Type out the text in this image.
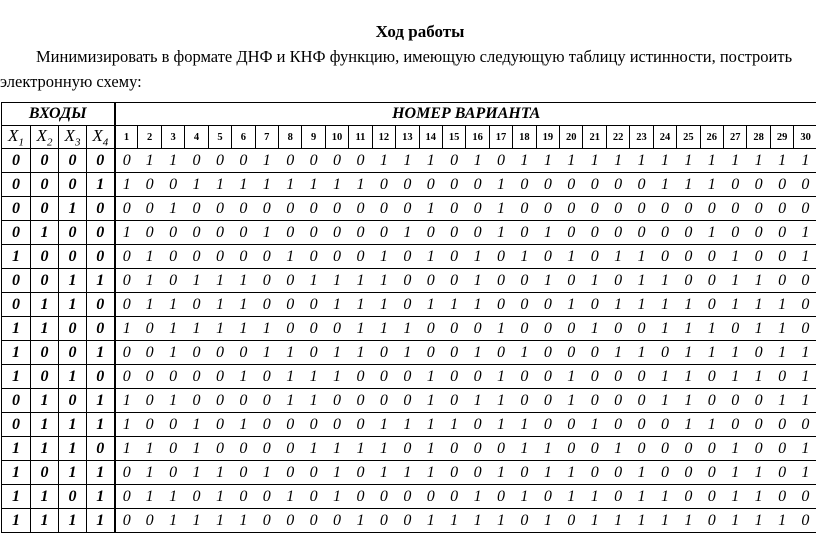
Ход работы
Минимизировать в формате ДНФ и КНФ функцию, имеющую следующую таблицу истинности, построить
электронную схему:
ВХОДЫ				НОМЕР ВАРИАНТА																													
$X_1$	$X_2$	$X_3$	$X_4$	1	2	3	4	5	6	7	8	9	10	11	12	13	14	15	16	17	18	19	20	21	22	23	24	25	26	27	28	29	30
0	0	0	0	0	1	1	0	0	0	1	0	0	0	0	1	1	1	0	1	0	1	1	1	1	1	1	1	1	1	1	1	1	1
0	0	0	1	1	0	0	1	1	1	1	1	1	1	1	0	0	0	0	0	1	0	0	0	0	0	0	1	1	1	0	0	0	0
0	0	1	0	0	0	1	0	0	0	0	0	0	0	0	0	0	1	0	0	1	0	0	0	0	0	0	0	0	0	0	0	0	0
0	1	0	0	1	0	0	0	0	0	1	0	0	0	0	0	1	0	0	0	1	0	1	0	0	0	0	0	0	1	0	0	0	1
1	0	0	0	0	1	0	0	0	0	0	1	0	0	0	1	0	1	0	1	0	1	0	1	0	1	1	0	0	0	1	0	0	1
0	0	1	1	0	1	0	1	1	1	0	0	1	1	1	1	0	0	0	1	0	0	1	0	1	0	1	1	0	0	1	1	0	0
0	1	1	0	0	1	1	0	1	1	0	0	0	1	1	1	0	1	1	1	0	0	0	1	0	1	1	1	1	0	1	1	1	0
1	1	0	0	1	0	1	1	1	1	1	0	0	0	1	1	1	0	0	0	1	0	0	0	1	0	0	1	1	1	0	1	1	0
1	0	0	1	0	0	1	0	0	0	1	1	0	1	1	0	1	0	0	1	0	1	0	0	0	1	1	0	1	1	1	0	1	1
1	0	1	0	0	0	0	0	0	1	0	1	1	1	0	0	0	1	0	0	1	0	0	1	0	0	0	1	1	0	1	1	0	1
0	1	0	1	1	0	1	0	0	0	0	1	1	0	0	0	0	1	0	1	1	0	0	1	0	0	0	1	1	0	0	0	1	1
0	1	1	1	1	0	0	1	0	1	0	0	0	0	0	1	1	1	1	0	1	1	0	0	1	0	0	0	1	1	0	0	0	0
1	1	1	0	1	1	0	1	0	0	0	0	1	1	1	1	0	1	0	0	0	1	1	0	0	1	0	0	0	0	1	0	0	1
1	0	1	1	0	1	0	1	1	0	1	0	0	1	0	1	1	1	0	0	1	0	1	1	0	0	1	0	0	0	1	1	0	1
1	1	0	1	0	1	1	0	1	0	0	1	0	1	0	0	0	0	0	1	0	1	0	1	1	0	1	1	0	0	1	1	0	0
1	1	1	1	0	0	1	1	1	1	0	0	0	0	1	0	0	1	1	1	1	0	1	0	1	1	1	1	1	0	1	1	1	0
